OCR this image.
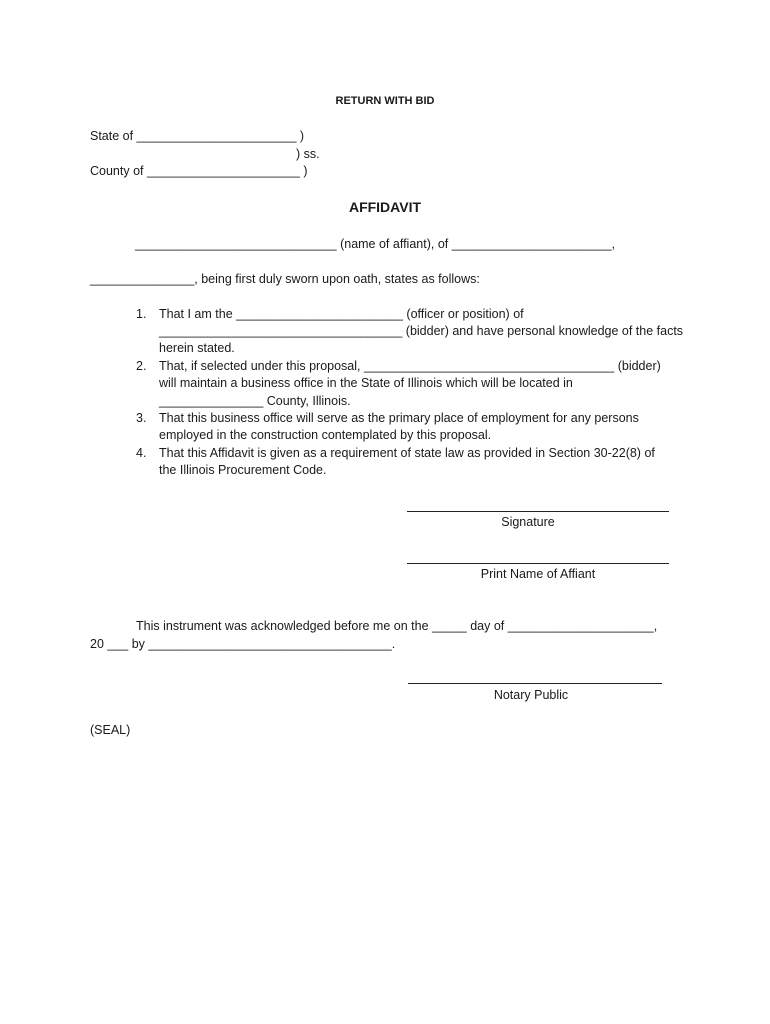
RETURN WITH BID
State of _______________________ )
) ss.
County of ______________________ )
AFFIDAVIT
_____________________________ (name of affiant), of _______________________,
_______________, being first duly sworn upon oath, states as follows:
1. That I am the ________________________ (officer or position) of
___________________________________ (bidder) and have personal knowledge of the facts
herein stated.
2. That, if selected under this proposal, ____________________________________ (bidder)
will maintain a business office in the State of Illinois which will be located in
_______________ County, Illinois.
3. That this business office will serve as the primary place of employment for any persons
employed in the construction contemplated by this proposal.
4. That this Affidavit is given as a requirement of state law as provided in Section 30-22(8) of
the Illinois Procurement Code.
Signature
Print Name of Affiant
This instrument was acknowledged before me on the _____ day of _____________________,
20 ___ by ___________________________________.
Notary Public
(SEAL)
